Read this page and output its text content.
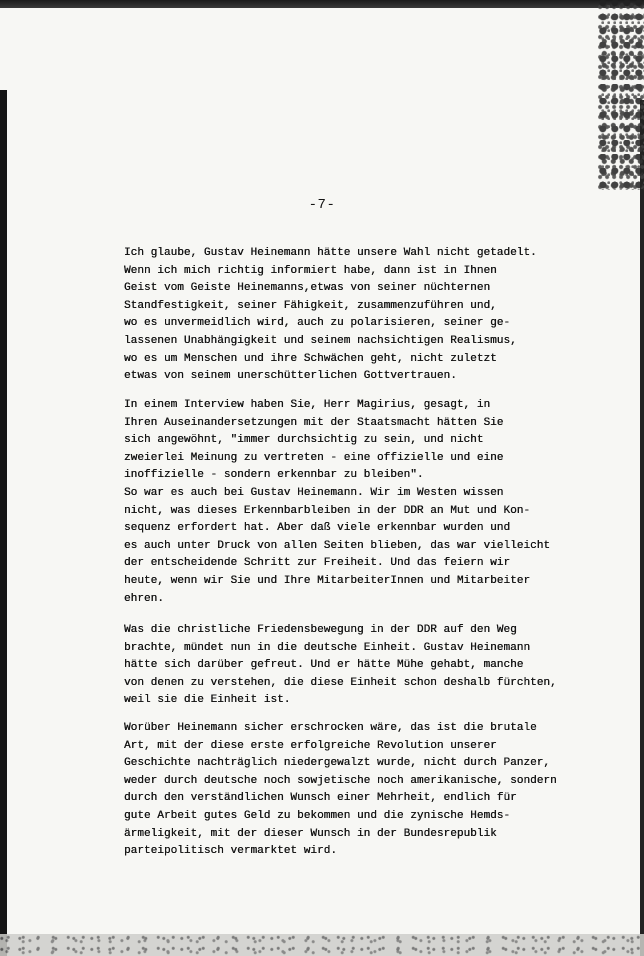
-7-
Ich glaube, Gustav Heinemann hätte unsere Wahl nicht getadelt.
Wenn ich mich richtig informiert habe, dann ist in Ihnen
Geist vom Geiste Heinemanns,etwas von seiner nüchternen
Standfestigkeit, seiner Fähigkeit, zusammenzuführen und,
wo es unvermeidlich wird, auch zu polarisieren, seiner ge-
lassenen Unabhängigkeit und seinem nachsichtigen Realismus,
wo es um Menschen und ihre Schwächen geht, nicht zuletzt
etwas von seinem unerschütterlichen Gottvertrauen.
In einem Interview haben Sie, Herr Magirius, gesagt, in
Ihren Auseinandersetzungen mit der Staatsmacht hätten Sie
sich angewöhnt, "immer durchsichtig zu sein, und nicht
zweierlei Meinung zu vertreten - eine offizielle und eine
inoffizielle - sondern erkennbar zu bleiben".
So war es auch bei Gustav Heinemann. Wir im Westen wissen
nicht, was dieses Erkennbarbleiben in der DDR an Mut und Kon-
sequenz erfordert hat. Aber daß viele erkennbar wurden und
es auch unter Druck von allen Seiten blieben, das war vielleicht
der entscheidende Schritt zur Freiheit. Und das feiern wir
heute, wenn wir Sie und Ihre MitarbeiterInnen und Mitarbeiter
ehren.
Was die christliche Friedensbewegung in der DDR auf den Weg
brachte, mündet nun in die deutsche Einheit. Gustav Heinemann
hätte sich darüber gefreut. Und er hätte Mühe gehabt, manche
von denen zu verstehen, die diese Einheit schon deshalb fürchten,
weil sie die Einheit ist.
Worüber Heinemann sicher erschrocken wäre, das ist die brutale
Art, mit der diese erste erfolgreiche Revolution unserer
Geschichte nachträglich niedergewalzt wurde, nicht durch Panzer,
weder durch deutsche noch sowjetische noch amerikanische, sondern
durch den verständlichen Wunsch einer Mehrheit, endlich für
gute Arbeit gutes Geld zu bekommen und die zynische Hemds-
ärmeligkeit, mit der dieser Wunsch in der Bundesrepublik
parteipolitisch vermarktet wird.
